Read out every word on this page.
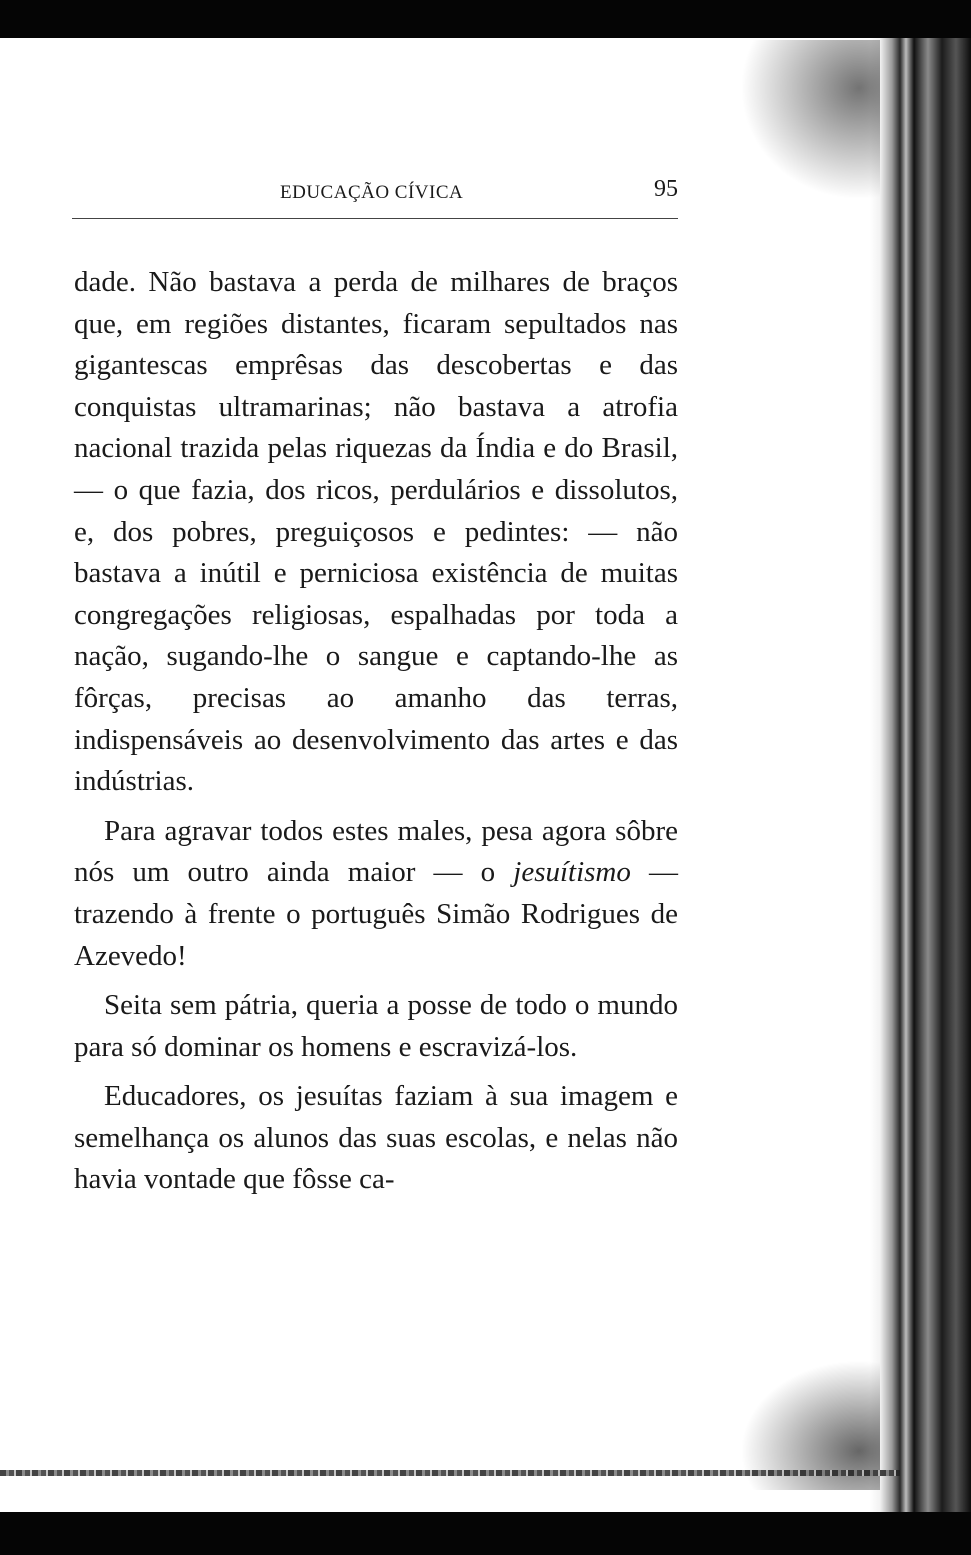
EDUCAÇÃO CÍVICA	95

dade. Não bastava a perda de milhares de braços que, em regiões distantes, ficaram sepultados nas gigantescas emprêsas das descobertas e das conquistas ultramarinas; não bastava a atrofia nacional trazida pelas riquezas da Índia e do Brasil, — o que fazia, dos ricos, perdulários e dissolutos, e, dos pobres, preguiçosos e pedintes: — não bastava a inútil e perniciosa existência de muitas congregações religiosas, espalhadas por toda a nação, sugando-lhe o sangue e captando-lhe as fôrças, precisas ao amanho das terras, indispensáveis ao desenvolvimento das artes e das indústrias.

Para agravar todos estes males, pesa agora sôbre nós um outro ainda maior — o jesuítismo — trazendo à frente o português Simão Rodrigues de Azevedo!

Seita sem pátria, queria a posse de todo o mundo para só dominar os homens e escravizá-los.

Educadores, os jesuítas faziam à sua imagem e semelhança os alunos das suas escolas, e nelas não havia vontade que fôsse ca-
